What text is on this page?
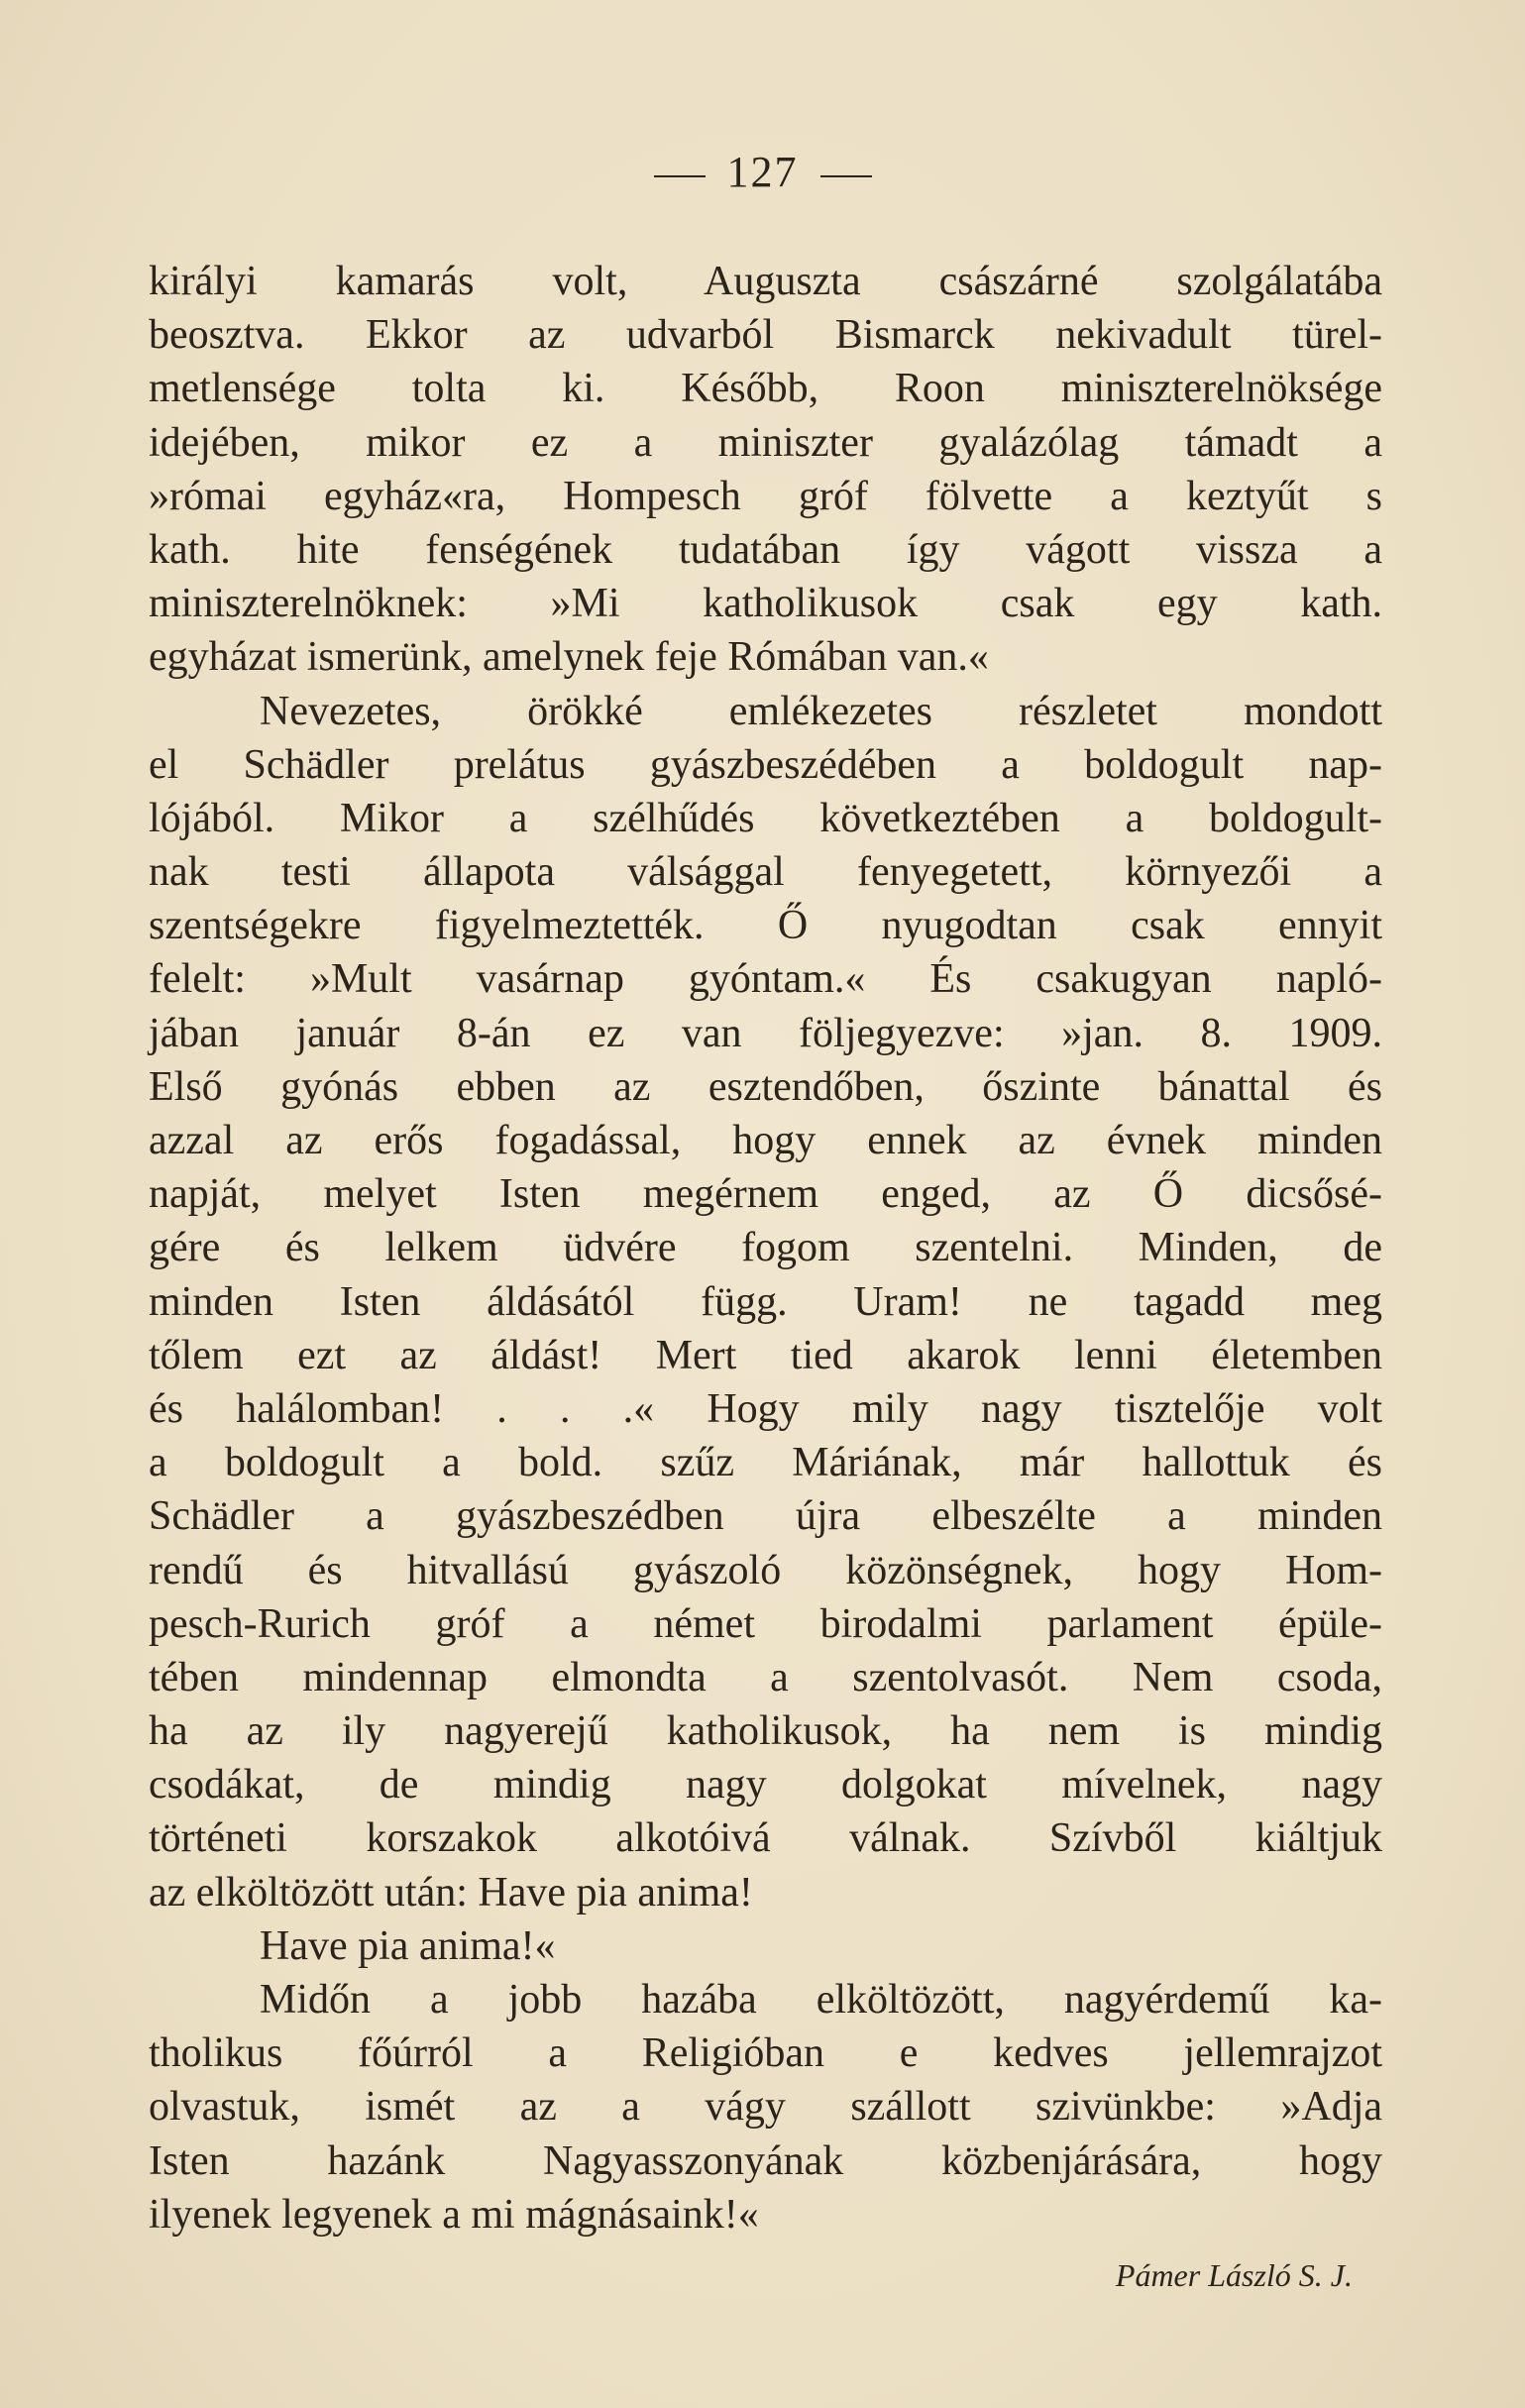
127
királyi kamarás volt, Auguszta császárné szolgálatába
beosztva. Ekkor az udvarból Bismarck nekivadult türel-
metlensége tolta ki. Később, Roon miniszterelnöksége
idejében, mikor ez a miniszter gyalázólag támadt a
»római egyház«ra, Hompesch gróf fölvette a keztyűt s
kath. hite fenségének tudatában így vágott vissza a
miniszterelnöknek: »Mi katholikusok csak egy kath.
egyházat ismerünk, amelynek feje Rómában van.«
Nevezetes, örökké emlékezetes részletet mondott
el Schädler prelátus gyászbeszédében a boldogult nap-
lójából. Mikor a szélhűdés következtében a boldogult-
nak testi állapota válsággal fenyegetett, környezői a
szentségekre figyelmeztették. Ő nyugodtan csak ennyit
felelt: »Mult vasárnap gyóntam.« És csakugyan napló-
jában január 8-án ez van följegyezve: »jan. 8. 1909.
Első gyónás ebben az esztendőben, őszinte bánattal és
azzal az erős fogadással, hogy ennek az évnek minden
napját, melyet Isten megérnem enged, az Ő dicsősé-
gére és lelkem üdvére fogom szentelni. Minden, de
minden Isten áldásától függ. Uram! ne tagadd meg
tőlem ezt az áldást! Mert tied akarok lenni életemben
és halálomban! . . .« Hogy mily nagy tisztelője volt
a boldogult a bold. szűz Máriának, már hallottuk és
Schädler a gyászbeszédben újra elbeszélte a minden
rendű és hitvallású gyászoló közönségnek, hogy Hom-
pesch-Rurich gróf a német birodalmi parlament épüle-
tében mindennap elmondta a szentolvasót. Nem csoda,
ha az ily nagyerejű katholikusok, ha nem is mindig
csodákat, de mindig nagy dolgokat mívelnek, nagy
történeti korszakok alkotóivá válnak. Szívből kiáltjuk
az elköltözött után: Have pia anima!
Have pia anima!«
Midőn a jobb hazába elköltözött, nagyérdemű ka-
tholikus főúrról a Religióban e kedves jellemrajzot
olvastuk, ismét az a vágy szállott szivünkbe: »Adja
Isten hazánk Nagyasszonyának közbenjárására, hogy
ilyenek legyenek a mi mágnásaink!«
Pámer László S. J.
